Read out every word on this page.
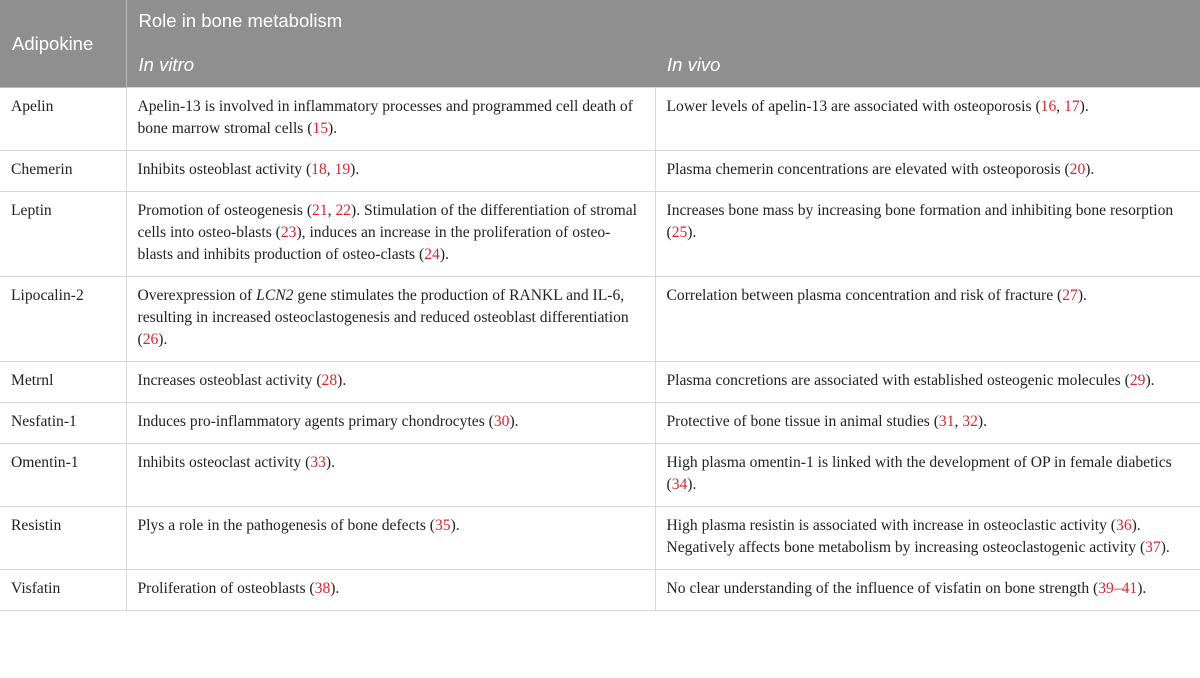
Adipokine	Role in bone metabolism	
	In vitro	In vivo
Apelin	Apelin-13 is involved in inflammatory processes and programmed cell death of bone marrow stromal cells (15).	Lower levels of apelin-13 are associated with osteoporosis (16, 17).
Chemerin	Inhibits osteoblast activity (18, 19).	Plasma chemerin concentrations are elevated with osteoporosis (20).
Leptin	Promotion of osteogenesis (21, 22). Stimulation of the differentiation of stromal cells into osteo-blasts (23), induces an increase in the proliferation of osteo-blasts and inhibits production of osteo-clasts (24).	Increases bone mass by increasing bone formation and inhibiting bone resorption (25).
Lipocalin-2	Overexpression of LCN2 gene stimulates the production of RANKL and IL-6, resulting in increased osteoclastogenesis and reduced osteoblast differentiation (26).	Correlation between plasma concentration and risk of fracture (27).
Metrnl	Increases osteoblast activity (28).	Plasma concretions are associated with established osteogenic molecules (29).
Nesfatin-1	Induces pro-inflammatory agents primary chondrocytes (30).	Protective of bone tissue in animal studies (31, 32).
Omentin-1	Inhibits osteoclast activity (33).	High plasma omentin-1 is linked with the development of OP in female diabetics (34).
Resistin	Plys a role in the pathogenesis of bone defects (35).	High plasma resistin is associated with increase in osteoclastic activity (36). Negatively affects bone metabolism by increasing osteoclastogenic activity (37).
Visfatin	Proliferation of osteoblasts (38).	No clear understanding of the influence of visfatin on bone strength (39–41).
